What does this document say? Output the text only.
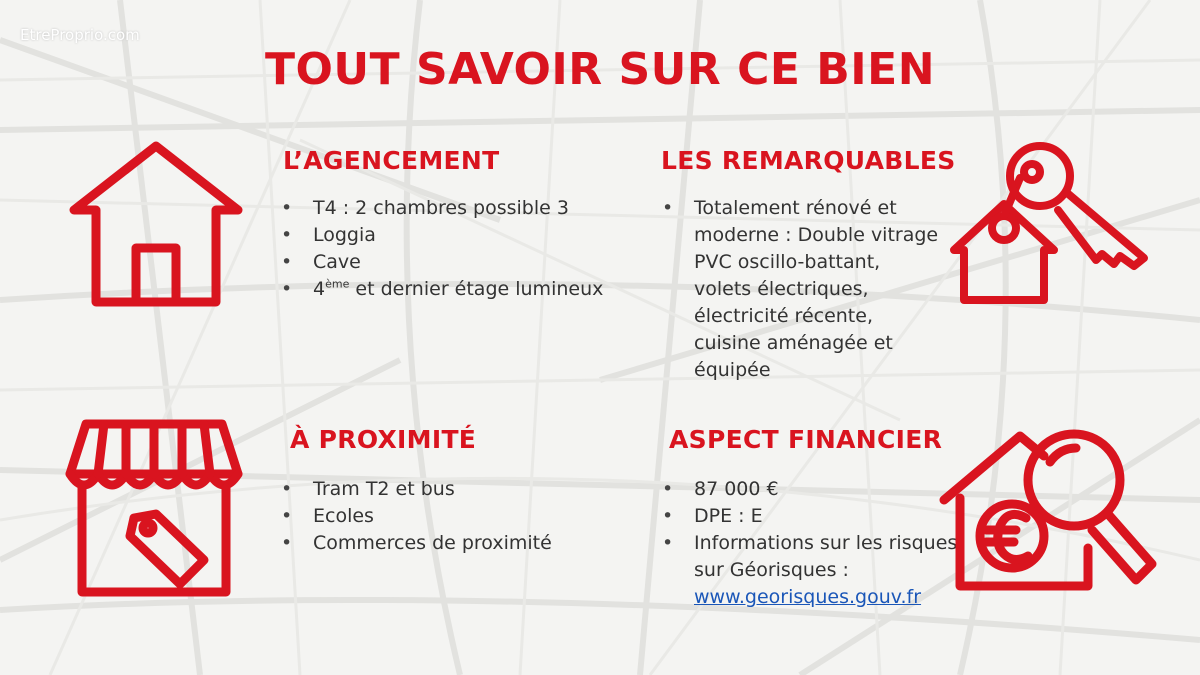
EtreProprio.com
TOUT SAVOIR SUR CE BIEN
L’AGENCEMENT
• T4 : 2 chambres possible 3
• Loggia
• Cave
• 4ème et dernier étage lumineux
LES REMARQUABLES
• Totalement rénové et moderne : Double vitrage PVC oscillo-battant, volets électriques, électricité récente, cuisine aménagée et équipée
À PROXIMITÉ
• Tram T2 et bus
• Ecoles
• Commerces de proximité
ASPECT FINANCIER
• 87 000 €
• DPE : E
• Informations sur les risques sur Géorisques :
www.georisques.gouv.fr
